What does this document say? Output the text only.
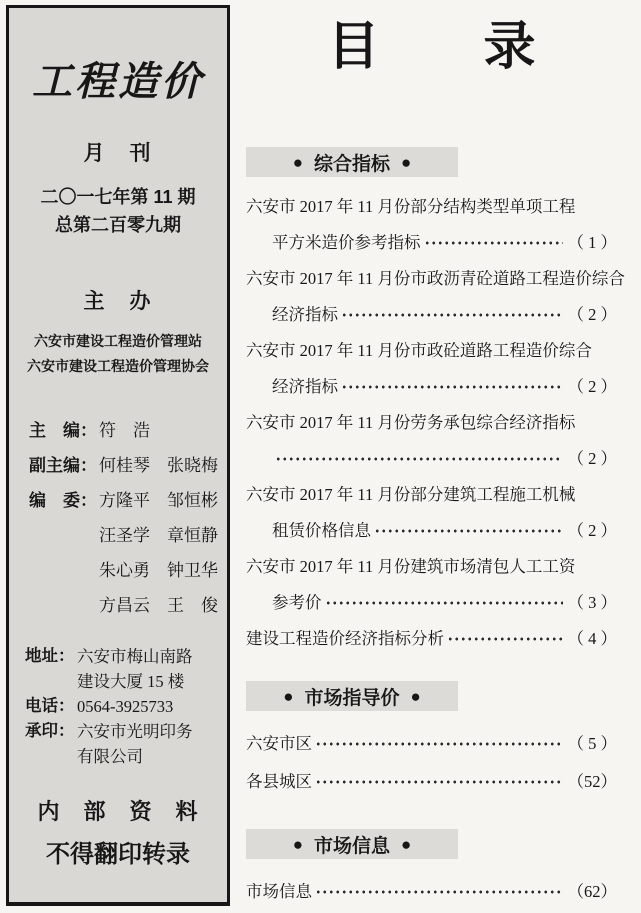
工程造价
月　刊
二〇一七年第 11 期
总第二百零九期
主　办
六安市建设工程造价管理站
六安市建设工程造价管理协会
主　编： 符　浩
副主编： 何桂琴　张晓梅
编　委： 方隆平　邹恒彬
汪圣学　章恒静
朱心勇　钟卫华
方昌云　王　俊
地址： 六安市梅山南路
建设大厦 15 楼
电话： 0564-3925733
承印： 六安市光明印务
有限公司
内　部　资　料
不得翻印转录
目　　录
● 综合指标 ●
六安市 2017 年 11 月份部分结构类型单项工程
平方米造价参考指标	（ 1 ）
六安市 2017 年 11 月份市政沥青砼道路工程造价综合
经济指标	（ 2 ）
六安市 2017 年 11 月份市政砼道路工程造价综合
经济指标	（ 2 ）
六安市 2017 年 11 月份劳务承包综合经济指标
（ 2 ）
六安市 2017 年 11 月份部分建筑工程施工机械
租赁价格信息	（ 2 ）
六安市 2017 年 11 月份建筑市场清包人工工资
参考价	（ 3 ）
建设工程造价经济指标分析	（ 4 ）
● 市场指导价 ●
六安市区	（ 5 ）
各县城区	（52）
● 市场信息 ●
市场信息	（62）
